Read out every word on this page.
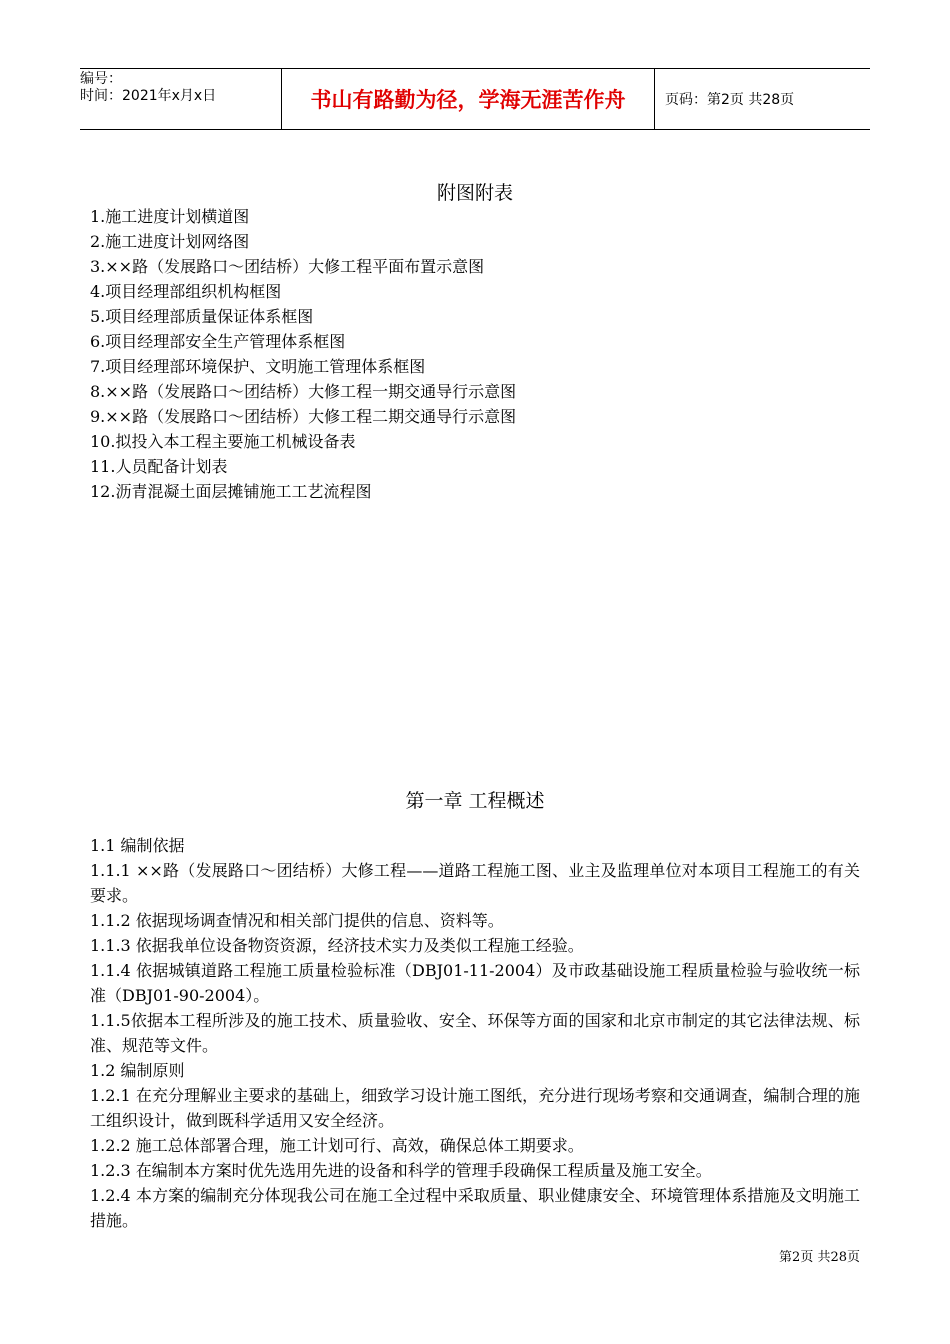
编号：
时间：2021年x月x日	书山有路勤为径，学海无涯苦作舟	页码：第2页 共28页
附图附表
1.施工进度计划横道图
2.施工进度计划网络图
3.××路（发展路口～团结桥）大修工程平面布置示意图
4.项目经理部组织机构框图
5.项目经理部质量保证体系框图
6.项目经理部安全生产管理体系框图
7.项目经理部环境保护、文明施工管理体系框图
8.××路（发展路口～团结桥）大修工程一期交通导行示意图
9.××路（发展路口～团结桥）大修工程二期交通导行示意图
10.拟投入本工程主要施工机械设备表
11.人员配备计划表
12.沥青混凝土面层摊铺施工工艺流程图
第一章 工程概述

1.1 编制依据

1.1.1 ××路（发展路口～团结桥）大修工程——道路工程施工图、业主及监理单位对本项目工程施工的有关要求。

1.1.2 依据现场调查情况和相关部门提供的信息、资料等。

1.1.3 依据我单位设备物资资源，经济技术实力及类似工程施工经验。

1.1.4 依据城镇道路工程施工质量检验标准（DBJ01-11-2004）及市政基础设施工程质量检验与验收统一标准（DBJ01-90-2004）。

1.1.5依据本工程所涉及的施工技术、质量验收、安全、环保等方面的国家和北京市制定的其它法律法规、标准、规范等文件。

1.2 编制原则

1.2.1 在充分理解业主要求的基础上，细致学习设计施工图纸，充分进行现场考察和交通调查，编制合理的施工组织设计，做到既科学适用又安全经济。

1.2.2 施工总体部署合理，施工计划可行、高效，确保总体工期要求。

1.2.3 在编制本方案时优先选用先进的设备和科学的管理手段确保工程质量及施工安全。

1.2.4 本方案的编制充分体现我公司在施工全过程中采取质量、职业健康安全、环境管理体系措施及文明施工措施。

第2页 共28页
